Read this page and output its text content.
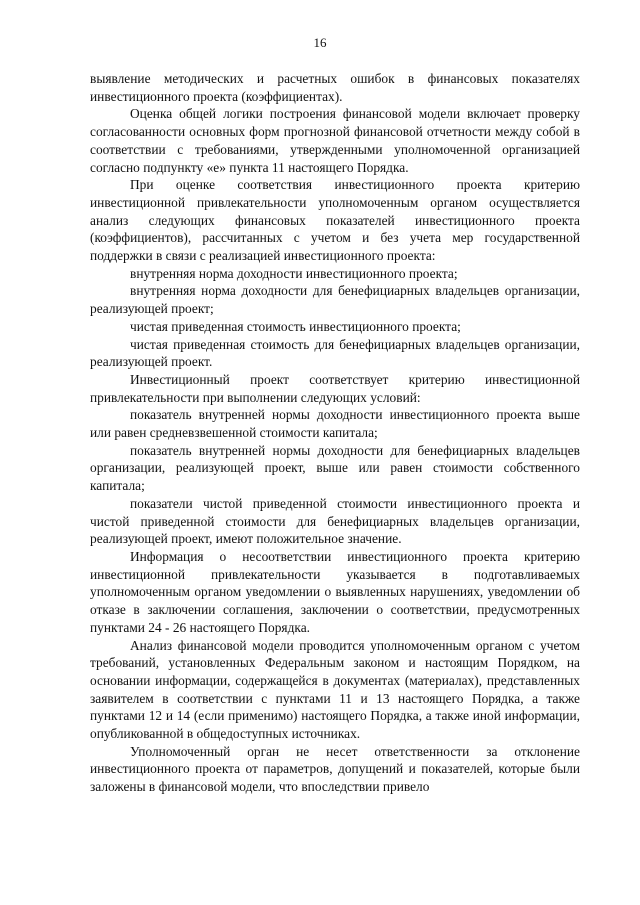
16

выявление методических и расчетных ошибок в финансовых показателях инвестиционного проекта (коэффициентах).

Оценка общей логики построения финансовой модели включает проверку согласованности основных форм прогнозной финансовой отчетности между собой в соответствии с требованиями, утвержденными уполномоченной организацией согласно подпункту «е» пункта 11 настоящего Порядка.

При оценке соответствия инвестиционного проекта критерию инвестиционной привлекательности уполномоченным органом осуществляется анализ следующих финансовых показателей инвестиционного проекта (коэффициентов), рассчитанных с учетом и без учета мер государственной поддержки в связи с реализацией инвестиционного проекта:

внутренняя норма доходности инвестиционного проекта;

внутренняя норма доходности для бенефициарных владельцев организации, реализующей проект;

чистая приведенная стоимость инвестиционного проекта;

чистая приведенная стоимость для бенефициарных владельцев организации, реализующей проект.

Инвестиционный проект соответствует критерию инвестиционной привлекательности при выполнении следующих условий:

показатель внутренней нормы доходности инвестиционного проекта выше или равен средневзвешенной стоимости капитала;

показатель внутренней нормы доходности для бенефициарных владельцев организации, реализующей проект, выше или равен стоимости собственного капитала;

показатели чистой приведенной стоимости инвестиционного проекта и чистой приведенной стоимости для бенефициарных владельцев организации, реализующей проект, имеют положительное значение.

Информация о несоответствии инвестиционного проекта критерию инвестиционной привлекательности указывается в подготавливаемых уполномоченным органом уведомлении о выявленных нарушениях, уведомлении об отказе в заключении соглашения, заключении о соответствии, предусмотренных пунктами 24 - 26 настоящего Порядка.

Анализ финансовой модели проводится уполномоченным органом с учетом требований, установленных Федеральным законом и настоящим Порядком, на основании информации, содержащейся в документах (материалах), представленных заявителем в соответствии с пунктами 11 и 13 настоящего Порядка, а также пунктами 12 и 14 (если применимо) настоящего Порядка, а также иной информации, опубликованной в общедоступных источниках.

Уполномоченный орган не несет ответственности за отклонение инвестиционного проекта от параметров, допущений и показателей, которые были заложены в финансовой модели, что впоследствии привело
